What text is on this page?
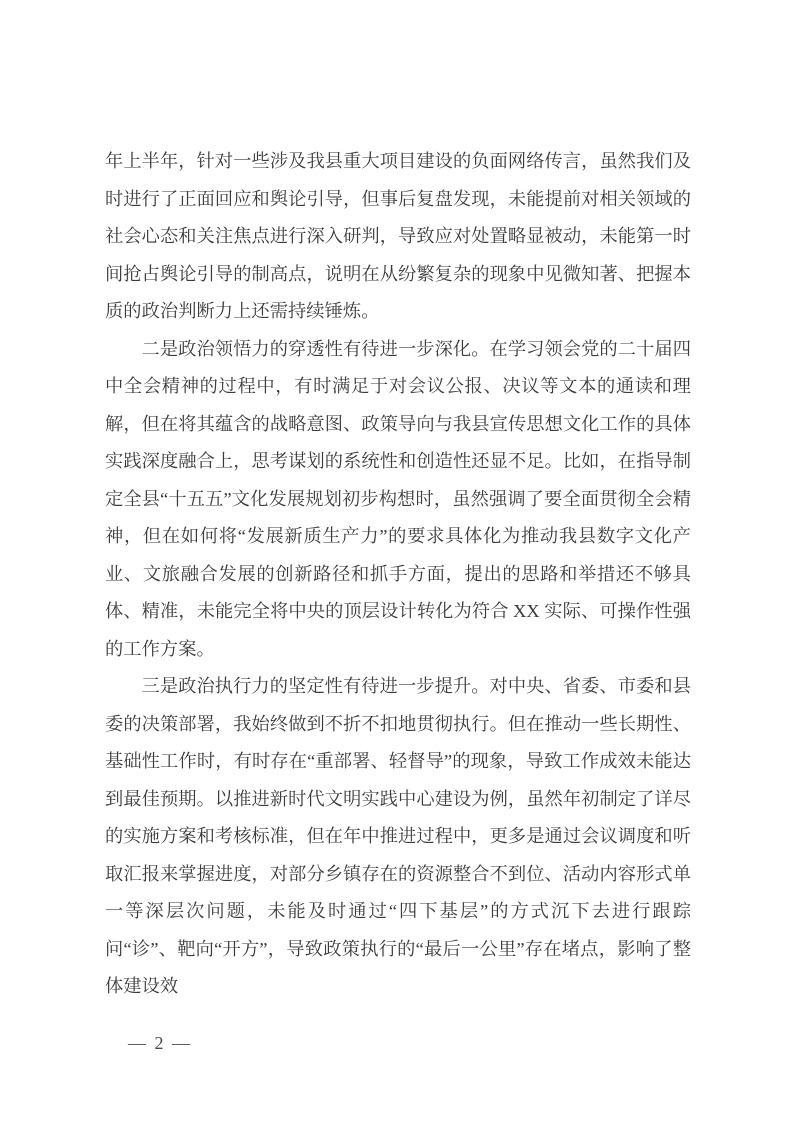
年上半年，针对一些涉及我县重大项目建设的负面网络传言，虽然我们及时进行了正面回应和舆论引导，但事后复盘发现，未能提前对相关领域的社会心态和关注焦点进行深入研判，导致应对处置略显被动，未能第一时间抢占舆论引导的制高点，说明在从纷繁复杂的现象中见微知著、把握本质的政治判断力上还需持续锤炼。

二是政治领悟力的穿透性有待进一步深化。在学习领会党的二十届四中全会精神的过程中，有时满足于对会议公报、决议等文本的通读和理解，但在将其蕴含的战略意图、政策导向与我县宣传思想文化工作的具体实践深度融合上，思考谋划的系统性和创造性还显不足。比如，在指导制定全县“十五五”文化发展规划初步构想时，虽然强调了要全面贯彻全会精神，但在如何将“发展新质生产力”的要求具体化为推动我县数字文化产业、文旅融合发展的创新路径和抓手方面，提出的思路和举措还不够具体、精准，未能完全将中央的顶层设计转化为符合 XX 实际、可操作性强的工作方案。

三是政治执行力的坚定性有待进一步提升。对中央、省委、市委和县委的决策部署，我始终做到不折不扣地贯彻执行。但在推动一些长期性、基础性工作时，有时存在“重部署、轻督导”的现象，导致工作成效未能达到最佳预期。以推进新时代文明实践中心建设为例，虽然年初制定了详尽的实施方案和考核标准，但在年中推进过程中，更多是通过会议调度和听取汇报来掌握进度，对部分乡镇存在的资源整合不到位、活动内容形式单一等深层次问题，未能及时通过“四下基层”的方式沉下去进行跟踪问“诊”、靶向“开方”，导致政策执行的“最后一公里”存在堵点，影响了整体建设效

— 2 —
